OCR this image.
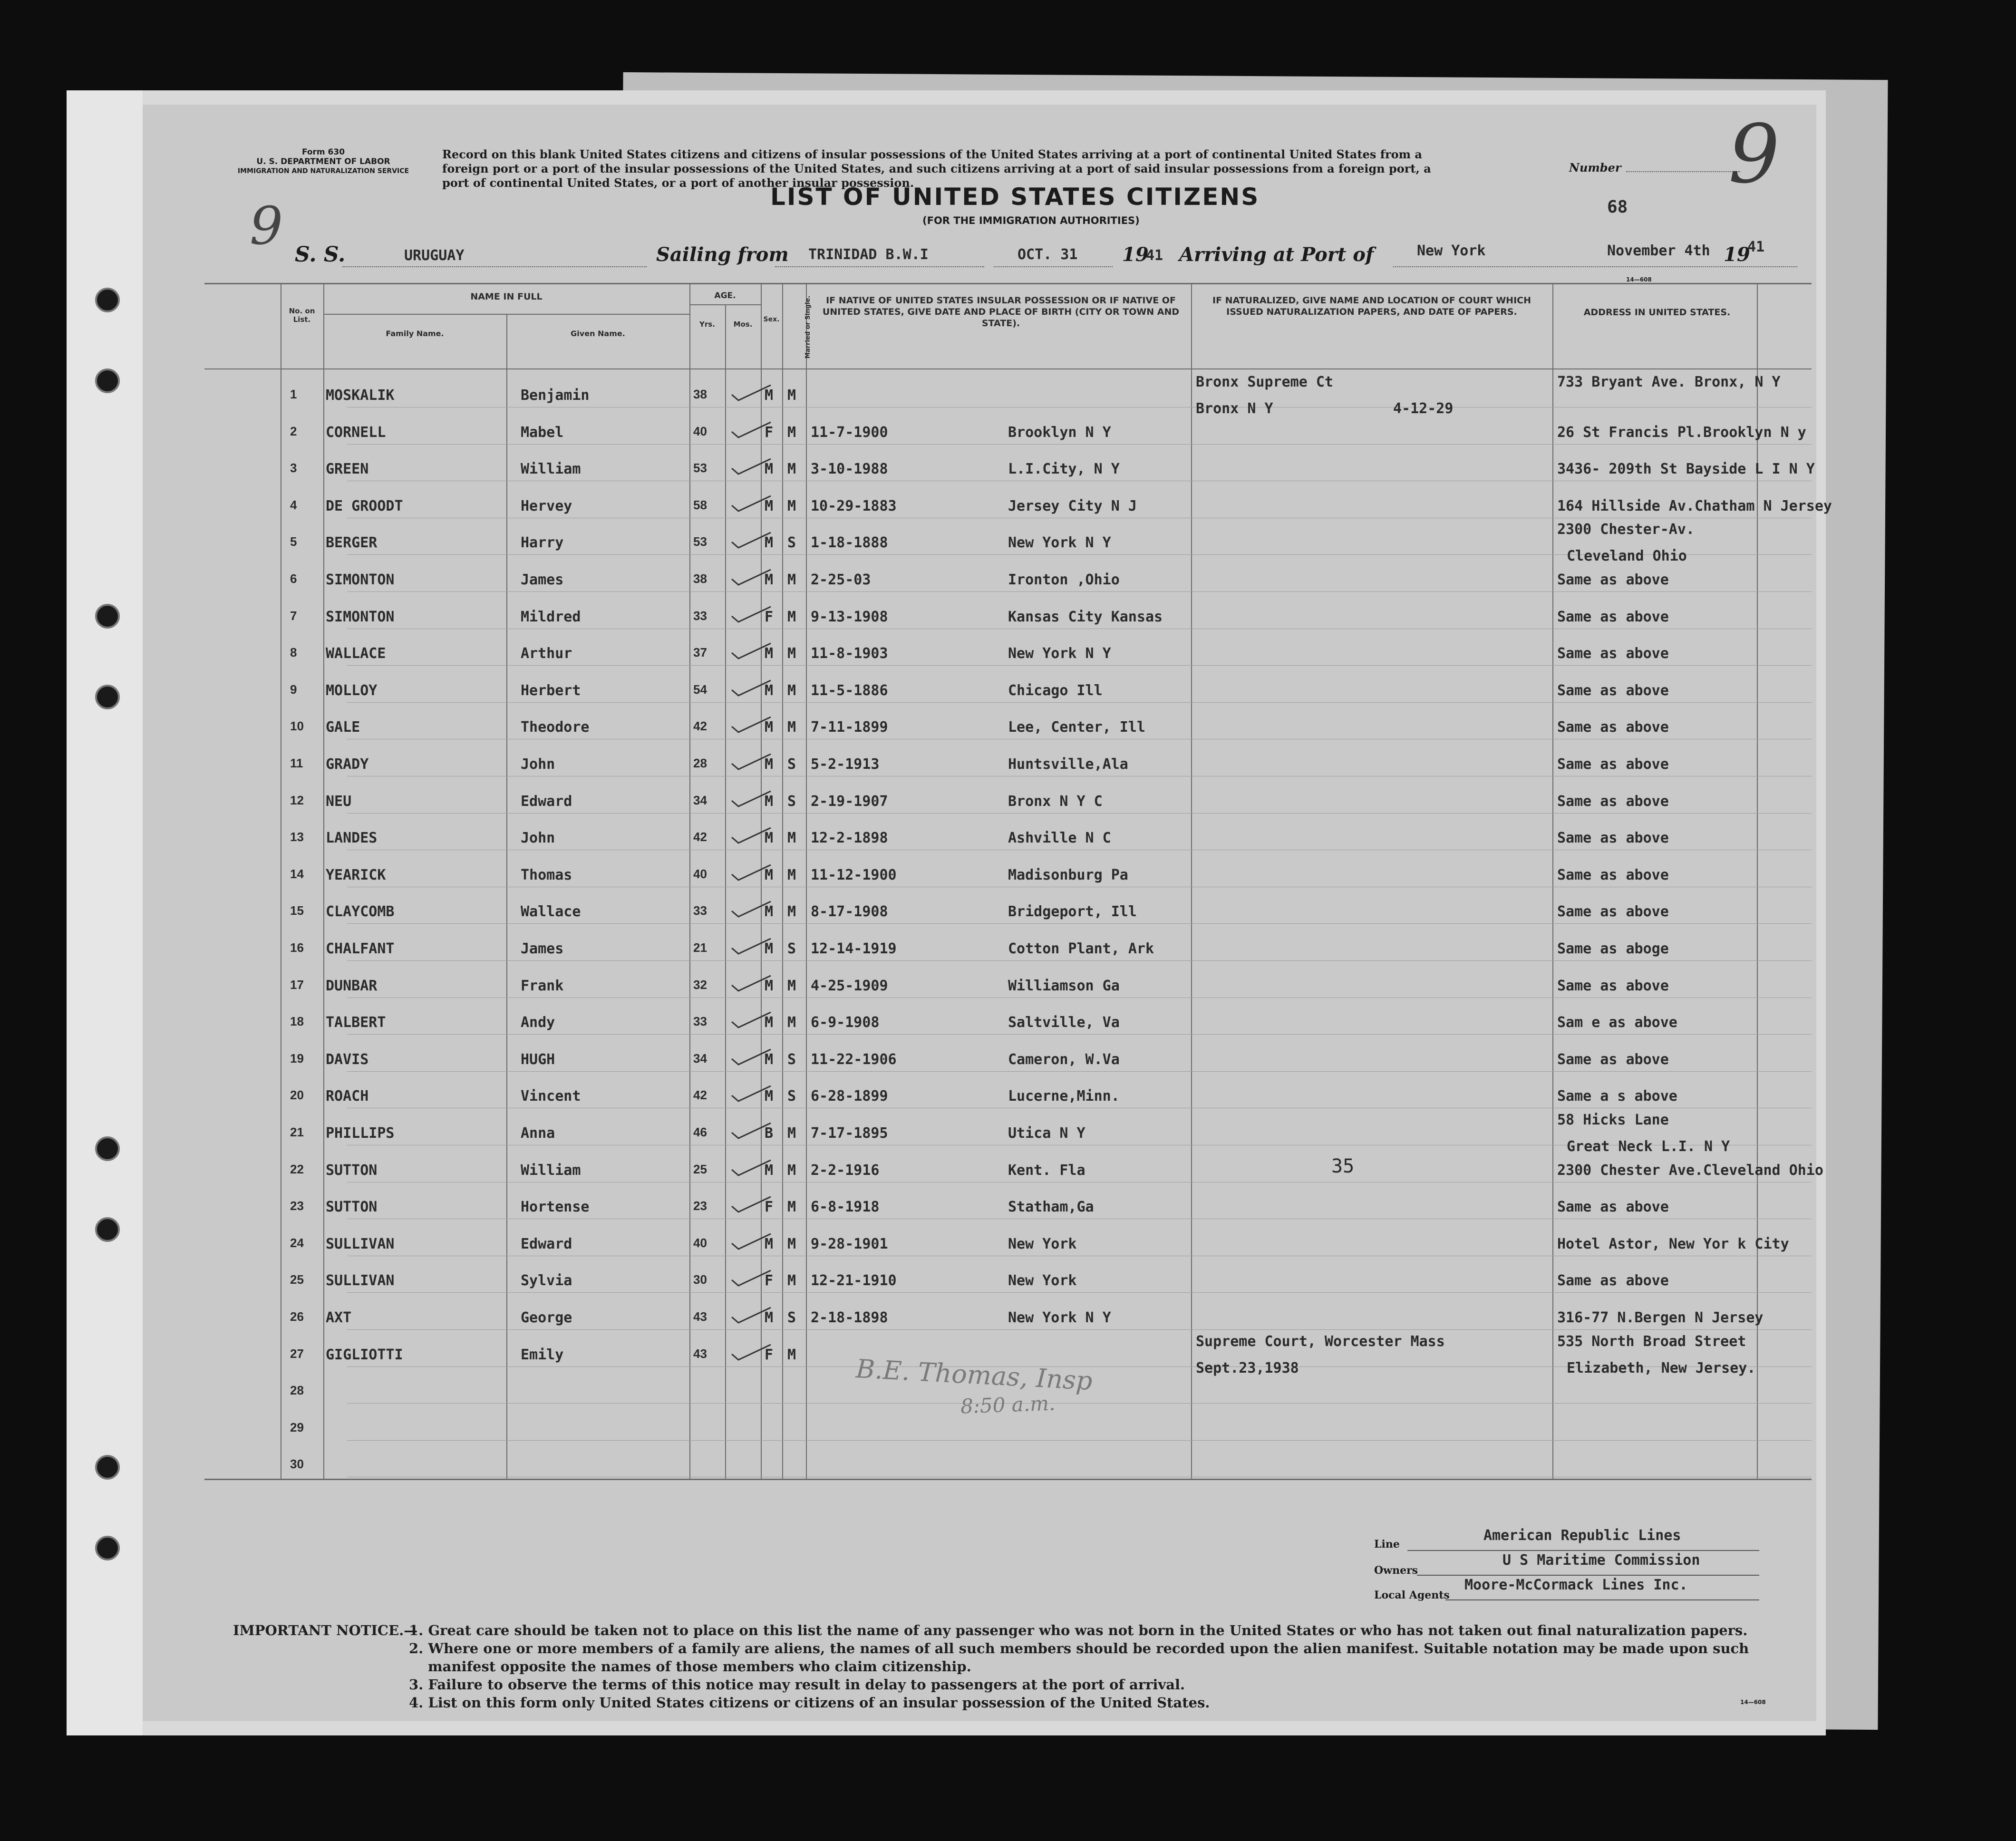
Form 630
U. S. DEPARTMENT OF LABOR
IMMIGRATION AND NATURALIZATION SERVICE
Record on this blank United States citizens and citizens of insular possessions of the United States arriving at a port of continental United States from a
foreign port or a port of the insular possessions of the United States, and such citizens arriving at a port of said insular possessions from a foreign port, a
port of continental United States, or a port of another insular possession.
Number 9
68
9	LIST OF UNITED STATES CITIZENS
(FOR THE IMMIGRATION AUTHORITIES)
S. S.	URUGUAY	Sailing from TRINIDAD B.W.I	OCT. 31 19
41 Arriving at Port of	New York	November 4th 19
41
14—608
No. on List.
NAME IN FULL
Family Name.	Given Name.
AGE.
Yrs.	Mos.
Sex.	Married or Single.	IF NATIVE OF UNITED STATES INSULAR POSSESSION OR IF NATIVE OF UNITED STATES, GIVE DATE AND PLACE OF BIRTH (CITY OR TOWN AND STATE).
IF NATURALIZED, GIVE NAME AND LOCATION OF COURT WHICH ISSUED NATURALIZATION PAPERS, AND DATE OF PAPERS.	ADDRESS IN UNITED STATES.
1 MOSKALIK	Benjamin	38	M M
Bronx Supreme Ct
Bronx N Y	4-12-29
733 Bryant Ave. Bronx, N Y
2 CORNELL	Mabel	40	F M 11-7-1900	Brooklyn N Y	26 St Francis Pl.Brooklyn N y
3 GREEN	William	53	M M 3-10-1988	L.I.City, N Y	3436- 209th St Bayside L I N Y
4 DE GROODT	Hervey	58	M M 10-29-1883	Jersey City N J	164 Hillside Av.Chatham N Jersey
5 BERGER	Harry	53	M S 1-18-1888	New York N Y
2300 Chester-Av.
Cleveland Ohio
6 SIMONTON	James	38	M M 2-25-03	Ironton ,Ohio	Same as above
7 SIMONTON	Mildred	33	F M 9-13-1908	Kansas City Kansas	Same as above
8 WALLACE	Arthur	37	M M 11-8-1903	New York N Y	Same as above
9 MOLLOY	Herbert	54	M M 11-5-1886	Chicago Ill	Same as above
10 GALE	Theodore	42	M M 7-11-1899	Lee, Center, Ill	Same as above
11 GRADY	John	28	M S 5-2-1913	Huntsville,Ala	Same as above
12 NEU	Edward	34	M S 2-19-1907	Bronx N Y C	Same as above
13 LANDES	John	42	M M 12-2-1898	Ashville N C	Same as above
14 YEARICK	Thomas	40	M M 11-12-1900	Madisonburg Pa	Same as above
15 CLAYCOMB	Wallace	33	M M 8-17-1908	Bridgeport, Ill	Same as above
16 CHALFANT	James	21	M S 12-14-1919	Cotton Plant, Ark	Same as aboge
17 DUNBAR	Frank	32	M M 4-25-1909	Williamson Ga	Same as above
18 TALBERT	Andy	33	M M 6-9-1908	Saltville, Va	Sam e as above
19 DAVIS	HUGH	34	M S 11-22-1906	Cameron, W.Va	Same as above
20 ROACH	Vincent	42	M S 6-28-1899	Lucerne,Minn.	Same a s above
21 PHILLIPS	Anna	46	B M 7-17-1895	Utica N Y
58 Hicks Lane
Great Neck L.I. N Y
22 SUTTON	William	25	M M 2-2-1916	Kent. Fla	2300 Chester Ave.Cleveland Ohio
23 SUTTON	Hortense	23	F M 6-8-1918	Statham,Ga	Same as above
24 SULLIVAN	Edward	40	M M 9-28-1901	New York	Hotel Astor, New Yor k City
25 SULLIVAN	Sylvia	30	F M 12-21-1910	New York	Same as above
26 AXT	George	43	M S 2-18-1898	New York N Y	316-77 N.Bergen N Jersey
27 GIGLIOTTI	Emily	43	F M
Supreme Court, Worcester Mass
Sept.23,1938
535 North Broad Street
Elizabeth, New Jersey.
28
29
30
35
B.E. Thomas, Insp
8:50 a.m.
Line
American Republic Lines
Owners
U S Maritime Commission
Local Agents
Moore-McCormack Lines Inc.
IMPORTANT NOTICE.—
1. Great care should be taken not to place on this list the name of any passenger who was not born in the United States or who has not taken out final naturalization papers.
2. Where one or more members of a family are aliens, the names of all such members should be recorded upon the alien manifest. Suitable notation may be made upon such
manifest opposite the names of those members who claim citizenship.
3. Failure to observe the terms of this notice may result in delay to passengers at the port of arrival.
4. List on this form only United States citizens or citizens of an insular possession of the United States.	14—608
